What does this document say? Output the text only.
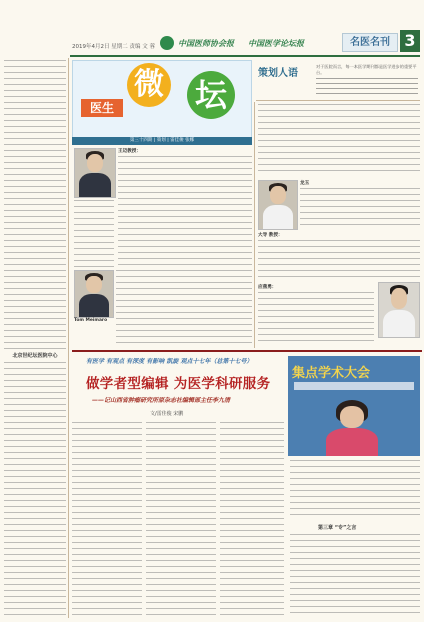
2019年4月2日 星期二 责编 文 蓉	中国医师协会报 中国医学论坛报	名医名刊 3
北京世纪坛医院中心
医生
微 坛
第三十四期 | 策划 | 雷佳俊 张娜
策划人语
对于医院而言，每一本医学期刊都是医学进步的重要平台。
王迈教授：
Tom Meimaro
龙玉
大导 教授：
应燕勇：
有医学 有观点 有深度 有影响 凯旋 观点十七年（总第十七号）
做学者型编辑 为医学科研服务
——记山西省肿瘤研究所原杂志社编辑部主任李九清
文/雷佳俊 宋鹏
集点学术大会
第三章 “专”之言
